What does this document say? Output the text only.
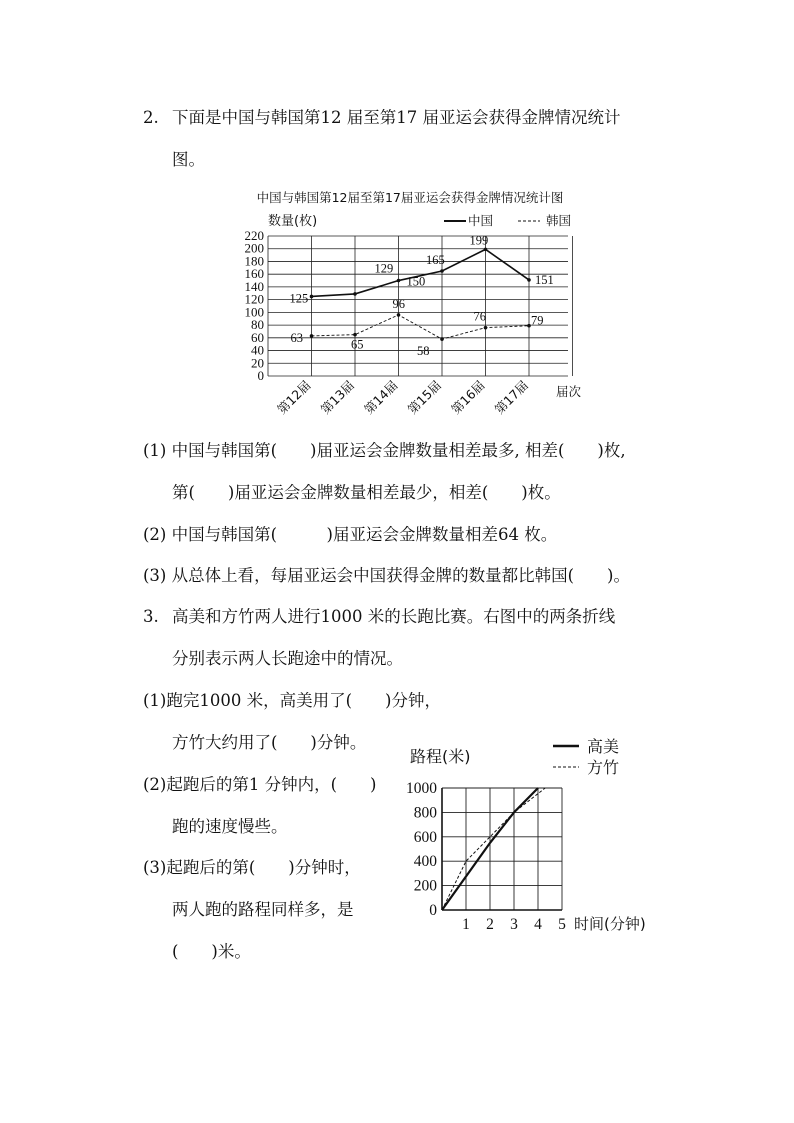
2. 下面是中国与韩国第12 届至第17 届亚运会获得金牌情况统计
图。
中国与韩国第12届至第17届亚运会获得金牌情况统计图
数量(枚)	中国	韩国
0
20
40
60
80
100
120
140
160
180
200
220
第12届 第13届 第14届 第15届 第16届 第17届
125
129
165
199
151
63	65
96
58
76	79
150
届次
(1) 中国与韩国第(　　)届亚运会金牌数量相差最多, 相差(　　)枚,
第(　　)届亚运会金牌数量相差最少，相差(　　)枚。
(2) 中国与韩国第(　　　)届亚运会金牌数量相差64 枚。
(3) 从总体上看，每届亚运会中国获得金牌的数量都比韩国(　　)。
3. 高美和方竹两人进行1000 米的长跑比赛。右图中的两条折线
分别表示两人长跑途中的情况。
(1)跑完1000 米，高美用了(　　)分钟，
方竹大约用了(　　)分钟。
(2)起跑后的第1 分钟内，(　　)
跑的速度慢些。
(3)起跑后的第(　　)分钟时，
两人跑的路程同样多，是
(　　)米。
路程(米)
高美
方竹
0
200
400
600
800
1000
1 2 3 4 5 时间(分钟)
